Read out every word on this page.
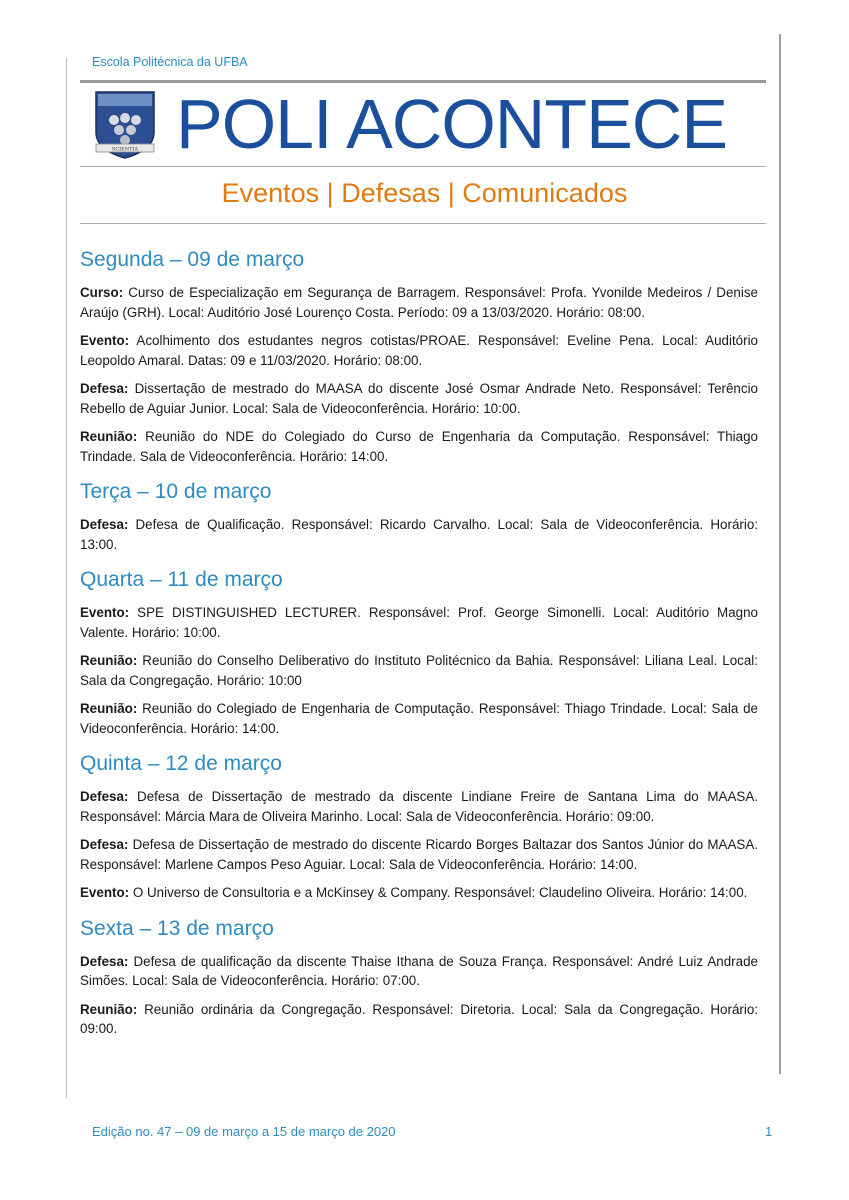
Escola Politécnica da UFBA
SCIENTIA POLI ACONTECE
Eventos | Defesas | Comunicados
Segunda – 09 de março
Curso: Curso de Especialização em Segurança de Barragem. Responsável: Profa. Yvonilde Medeiros / Denise Araújo (GRH). Local: Auditório José Lourenço Costa. Período: 09 a 13/03/2020. Horário: 08:00.
Evento: Acolhimento dos estudantes negros cotistas/PROAE. Responsável: Eveline Pena. Local: Auditório Leopoldo Amaral. Datas: 09 e 11/03/2020. Horário: 08:00.
Defesa: Dissertação de mestrado do MAASA do discente José Osmar Andrade Neto. Responsável: Terêncio Rebello de Aguiar Junior. Local: Sala de Videoconferência. Horário: 10:00.
Reunião: Reunião do NDE do Colegiado do Curso de Engenharia da Computação. Responsável: Thiago Trindade. Sala de Videoconferência. Horário: 14:00.
Terça – 10 de março
Defesa: Defesa de Qualificação. Responsável: Ricardo Carvalho. Local: Sala de Videoconferência. Horário: 13:00.
Quarta – 11 de março
Evento: SPE DISTINGUISHED LECTURER. Responsável: Prof. George Simonelli. Local: Auditório Magno Valente. Horário: 10:00.
Reunião: Reunião do Conselho Deliberativo do Instituto Politécnico da Bahia. Responsável: Liliana Leal. Local: Sala da Congregação. Horário: 10:00
Reunião: Reunião do Colegiado de Engenharia de Computação. Responsável: Thiago Trindade. Local: Sala de Videoconferência. Horário: 14:00.
Quinta – 12 de março
Defesa: Defesa de Dissertação de mestrado da discente Lindiane Freire de Santana Lima do MAASA. Responsável: Márcia Mara de Oliveira Marinho. Local: Sala de Videoconferência. Horário: 09:00.
Defesa: Defesa de Dissertação de mestrado do discente Ricardo Borges Baltazar dos Santos Júnior do MAASA. Responsável: Marlene Campos Peso Aguiar. Local: Sala de Videoconferência. Horário: 14:00.
Evento: O Universo de Consultoria e a McKinsey & Company. Responsável: Claudelino Oliveira. Horário: 14:00.
Sexta – 13 de março
Defesa: Defesa de qualificação da discente Thaise Ithana de Souza França. Responsável: André Luiz Andrade Simões. Local: Sala de Videoconferência. Horário: 07:00.
Reunião: Reunião ordinária da Congregação. Responsável: Diretoria. Local: Sala da Congregação. Horário: 09:00.
Edição no. 47 – 09 de março a 15 de março de 2020	1
